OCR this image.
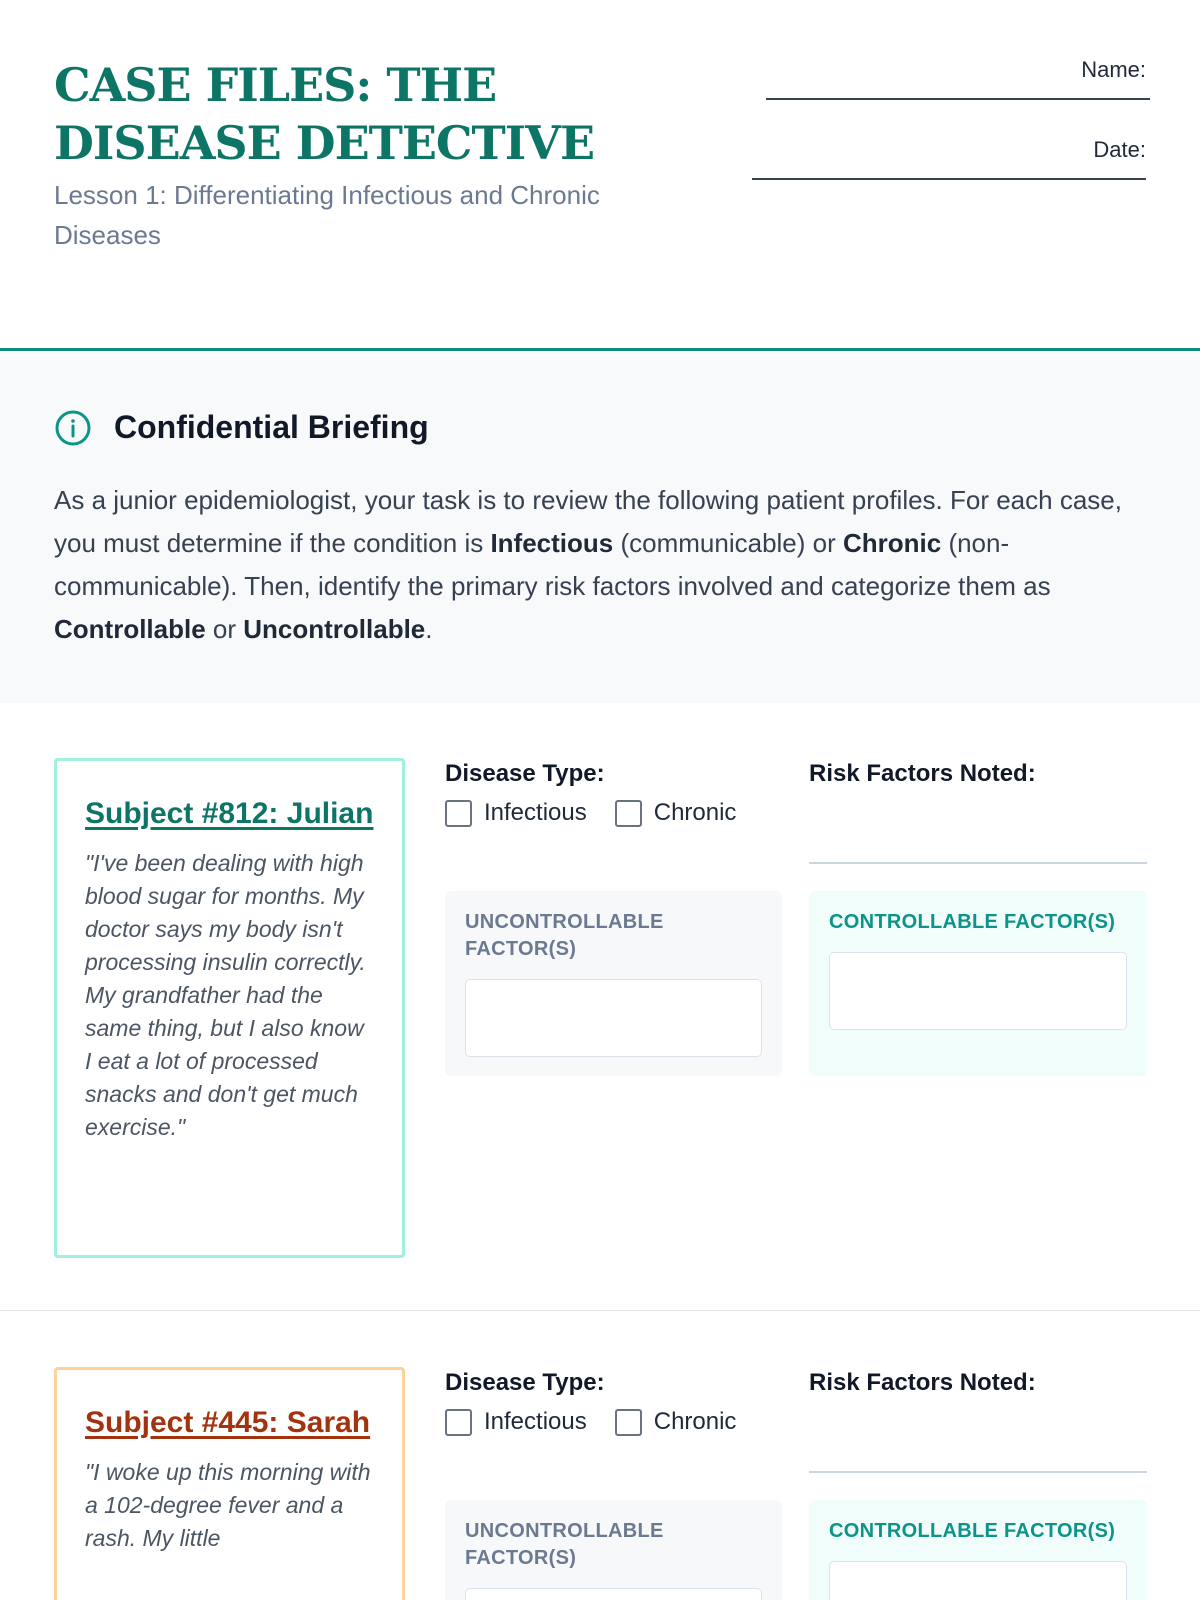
CASE FILES: THE DISEASE DETECTIVE

Lesson 1: Differentiating Infectious and Chronic Diseases

Name:
Date:
Confidential Briefing

As a junior epidemiologist, your task is to review the following patient profiles. For each case, you must determine if the condition is Infectious (communicable) or Chronic (non-communicable). Then, identify the primary risk factors involved and categorize them as Controllable or Uncontrollable.

Subject #812: Julian

"I've been dealing with high blood sugar for months. My doctor says my body isn't processing insulin correctly. My grandfather had the same thing, but I also know I eat a lot of processed snacks and don't get much exercise."

Disease Type:
Infectious	Chronic
Risk Factors Noted:
UNCONTROLLABLE FACTOR(S)
CONTROLLABLE FACTOR(S)
Subject #445: Sarah

"I woke up this morning with a 102-degree fever and a rash. My little

Disease Type:
Infectious	Chronic
Risk Factors Noted:
UNCONTROLLABLE FACTOR(S)
CONTROLLABLE FACTOR(S)
